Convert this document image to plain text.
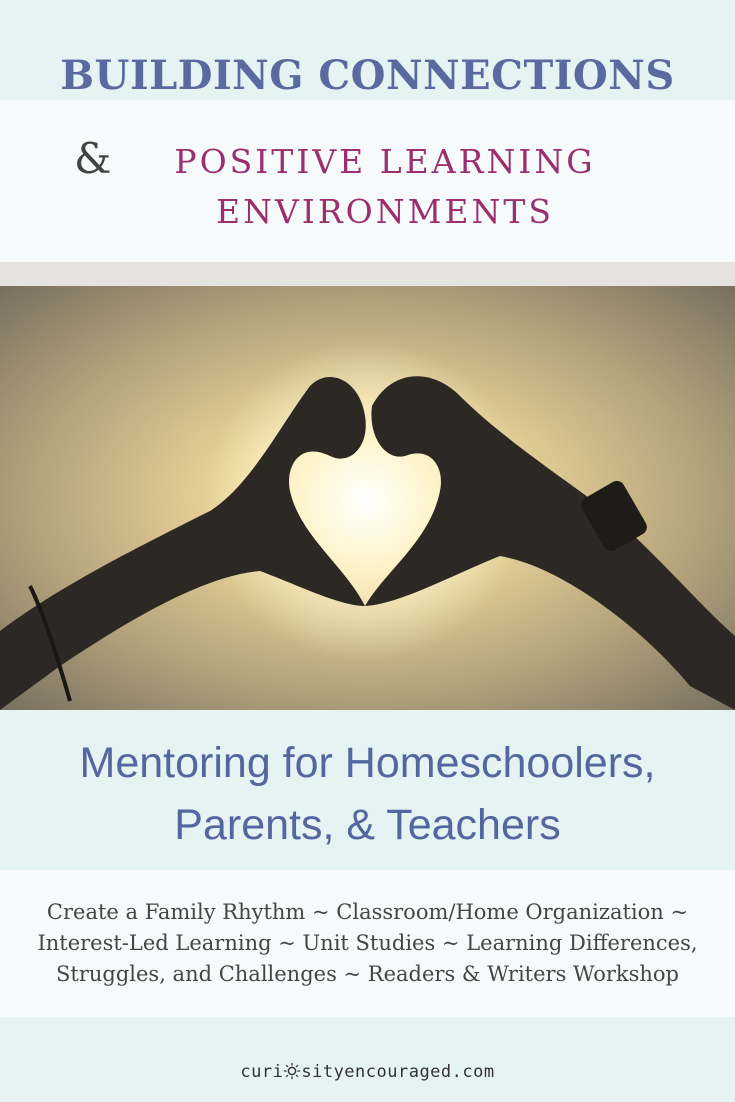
BUILDING CONNECTIONS
&	POSITIVE LEARNING
ENVIRONMENTS
Mentoring for Homeschoolers,
Parents, & Teachers
Create a Family Rhythm ~ Classroom/Home Organization ~
Interest-Led Learning ~ Unit Studies ~ Learning Differences,
Struggles, and Challenges ~ Readers & Writers Workshop
curi sityencouraged.com
